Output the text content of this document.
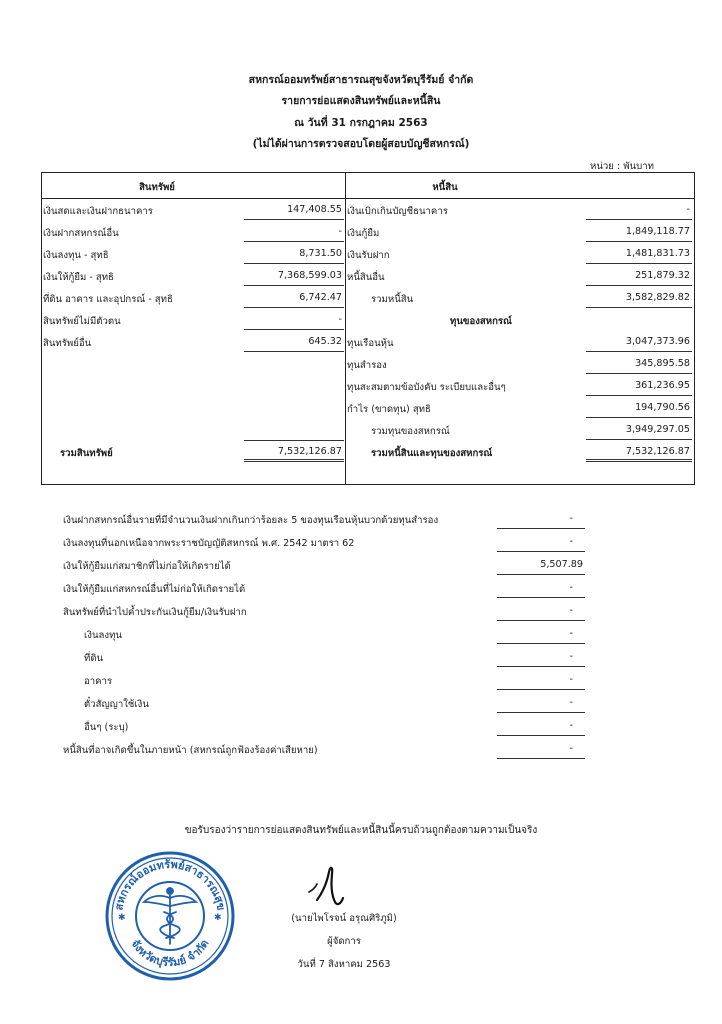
สหกรณ์ออมทรัพย์สาธารณสุขจังหวัดบุรีรัมย์ จำกัด
รายการย่อแสดงสินทรัพย์และหนี้สิน
ณ วันที่ 31 กรกฎาคม 2563
(ไม่ได้ผ่านการตรวจสอบโดยผู้สอบบัญชีสหกรณ์)
หน่วย : พันบาท
สินทรัพย์
เงินสดและเงินฝากธนาคาร	147,408.55
เงินฝากสหกรณ์อื่น	-
เงินลงทุน - สุทธิ	8,731.50
เงินให้กู้ยืม - สุทธิ	7,368,599.03
ที่ดิน อาคาร และอุปกรณ์ - สุทธิ	6,742.47
สินทรัพย์ไม่มีตัวตน	-
สินทรัพย์อื่น	645.32
รวมสินทรัพย์	7,532,126.87
หนี้สิน
เงินเบิกเกินบัญชีธนาคาร	-
เงินกู้ยืม	1,849,118.77
เงินรับฝาก	1,481,831.73
หนี้สินอื่น	251,879.32
รวมหนี้สิน	3,582,829.82
ทุนของสหกรณ์
ทุนเรือนหุ้น	3,047,373.96
ทุนสำรอง	345,895.58
ทุนสะสมตามข้อบังคับ ระเบียบและอื่นๆ	361,236.95
กำไร (ขาดทุน) สุทธิ	194,790.56
รวมทุนของสหกรณ์	3,949,297.05
รวมหนี้สินและทุนของสหกรณ์	7,532,126.87
เงินฝากสหกรณ์อื่นรายที่มีจำนวนเงินฝากเกินกว่าร้อยละ 5 ของทุนเรือนหุ้นบวกด้วยทุนสำรอง	-
เงินลงทุนที่นอกเหนือจากพระราชบัญญัติสหกรณ์ พ.ศ. 2542 มาตรา 62	-
เงินให้กู้ยืมแก่สมาชิกที่ไม่ก่อให้เกิดรายได้	5,507.89
เงินให้กู้ยืมแก่สหกรณ์อื่นที่ไม่ก่อให้เกิดรายได้	-
สินทรัพย์ที่นำไปค้ำประกันเงินกู้ยืม/เงินรับฝาก	-
เงินลงทุน	-
ที่ดิน	-
อาคาร	-
ตั๋วสัญญาใช้เงิน	-
อื่นๆ (ระบุ)	-
หนี้สินที่อาจเกิดขึ้นในภายหน้า (สหกรณ์ถูกฟ้องร้องค่าเสียหาย)	-
ขอรับรองว่ารายการย่อแสดงสินทรัพย์และหนี้สินนี้ครบถ้วนถูกต้องตามความเป็นจริง
(นายไพโรจน์ อรุณศิริภูมิ)
ผู้จัดการ
วันที่ 7 สิงหาคม 2563
สหกรณ์ออมทรัพย์สาธารณสุข
จังหวัดบุรีรัมย์ จำกัด
✱	✱
